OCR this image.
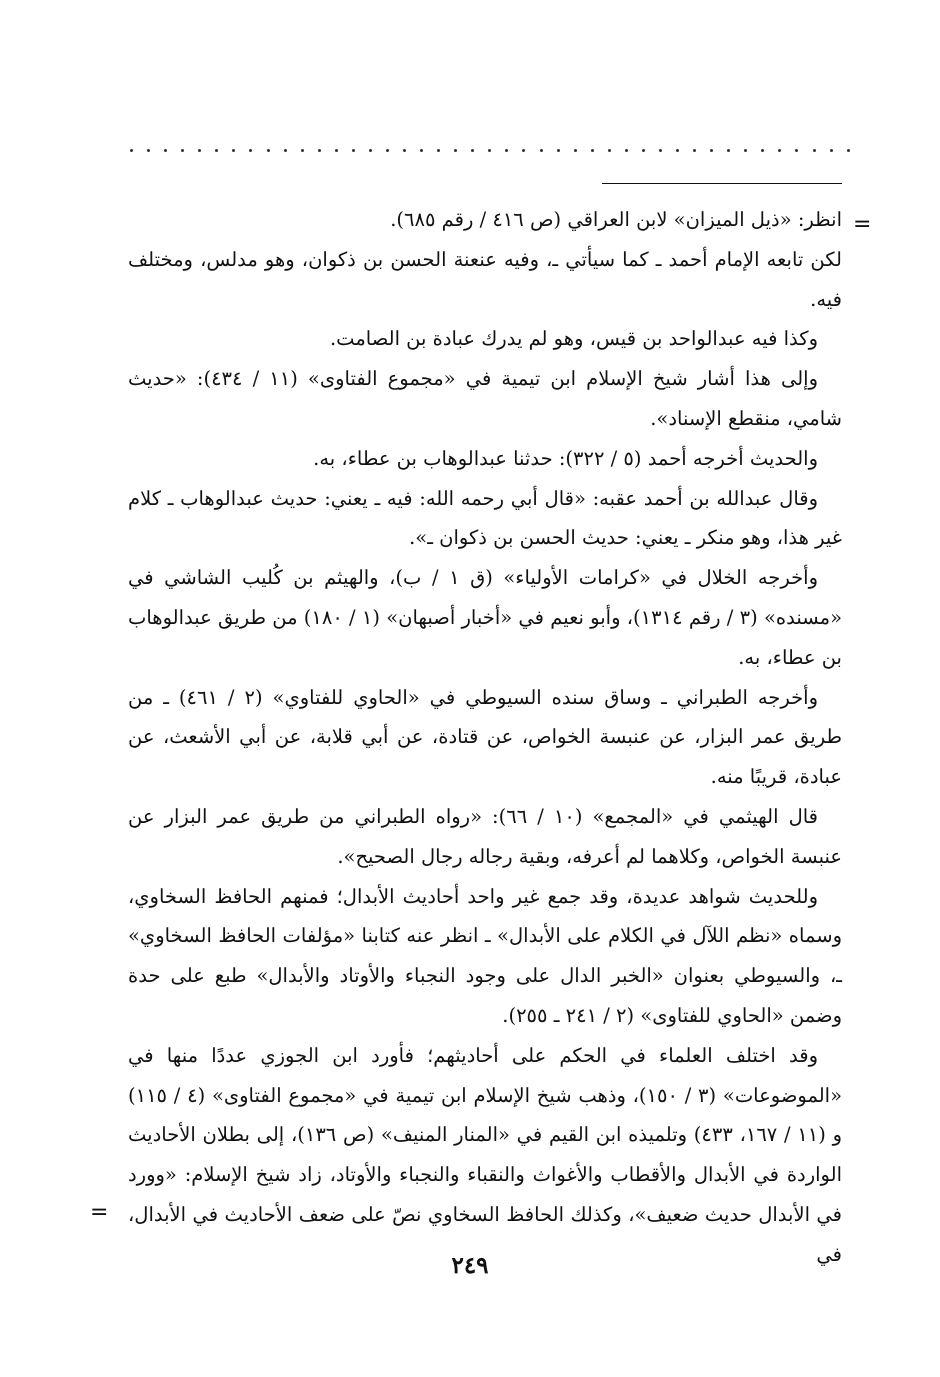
=

انظر: «ذيل الميزان» لابن العراقي (ص ٤١٦ / رقم ٦٨٥).

لكن تابعه الإمام أحمد ـ كما سيأتي ـ، وفيه عنعنة الحسن بن ذكوان، وهو مدلس، ومختلف فيه.

وكذا فيه عبدالواحد بن قيس، وهو لم يدرك عبادة بن الصامت.

وإلى هذا أشار شيخ الإسلام ابن تيمية في «مجموع الفتاوى» (١١ / ٤٣٤): «حديث شامي، منقطع الإسناد».

والحديث أخرجه أحمد (٥ / ٣٢٢): حدثنا عبدالوهاب بن عطاء، به.

وقال عبدالله بن أحمد عقبه: «قال أبي رحمه الله: فيه ـ يعني: حديث عبدالوهاب ـ كلام غير هذا، وهو منكر ـ يعني: حديث الحسن بن ذكوان ـ».

وأخرجه الخلال في «كرامات الأولياء» (ق ١ / ب)، والهيثم بن كُليب الشاشي في «مسنده» (٣ / رقم ١٣١٤)، وأبو نعيم في «أخبار أصبهان» (١ / ١٨٠) من طريق عبدالوهاب بن عطاء، به.

وأخرجه الطبراني ـ وساق سنده السيوطي في «الحاوي للفتاوي» (٢ / ٤٦١) ـ من طريق عمر البزار، عن عنبسة الخواص، عن قتادة، عن أبي قلابة، عن أبي الأشعث، عن عبادة، قريبًا منه.

قال الهيثمي في «المجمع» (١٠ / ٦٦): «رواه الطبراني من طريق عمر البزار عن عنبسة الخواص، وكلاهما لم أعرفه، وبقية رجاله رجال الصحيح».

وللحديث شواهد عديدة، وقد جمع غير واحد أحاديث الأبدال؛ فمنهم الحافظ السخاوي، وسماه «نظم اللآل في الكلام على الأبدال» ـ انظر عنه كتابنا «مؤلفات الحافظ السخاوي» ـ، والسيوطي بعنوان «الخبر الدال على وجود النجباء والأوتاد والأبدال» طبع على حدة وضمن «الحاوي للفتاوى» (٢ / ٢٤١ ـ ٢٥٥).

وقد اختلف العلماء في الحكم على أحاديثهم؛ فأورد ابن الجوزي عددًا منها في «الموضوعات» (٣ / ١٥٠)، وذهب شيخ الإسلام ابن تيمية في «مجموع الفتاوى» (٤ / ١١٥) و (١١ / ١٦٧، ٤٣٣) وتلميذه ابن القيم في «المنار المنيف» (ص ١٣٦)، إلى بطلان الأحاديث الواردة في الأبدال والأقطاب والأغواث والنقباء والنجباء والأوتاد، زاد شيخ الإسلام: «وورد في الأبدال حديث ضعيف»، وكذلك الحافظ السخاوي نصّ على ضعف الأحاديث في الأبدال، في

=
٢٤٩
